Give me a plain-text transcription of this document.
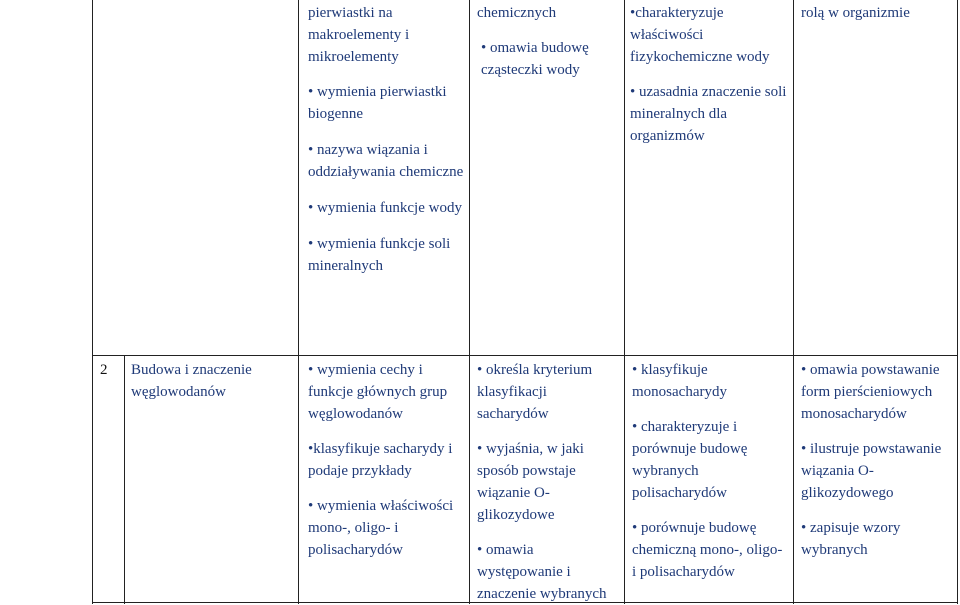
pierwiastki na makroelementy i mikroelementy

• wymienia pierwiastki biogenne

• nazywa wiązania i oddziaływania chemiczne

• wymienia funkcje wody

• wymienia funkcje soli mineralnych

chemicznych

• omawia budowę cząsteczki wody

•charakteryzuje właściwości fizykochemiczne wody

• uzasadnia znaczenie soli mineralnych dla organizmów

rolą w organizmie

2	Budowa i znaczenie węglowodanów

• wymienia cechy i funkcje głównych grup węglowodanów

•klasyfikuje sacharydy i podaje przykłady

• wymienia właściwości mono-, oligo- i polisacharydów

• określa kryterium klasyfikacji sacharydów

• wyjaśnia, w jaki sposób powstaje wiązanie O-glikozydowe

• omawia występowanie i znaczenie wybranych

• klasyfikuje monosacharydy

• charakteryzuje i porównuje budowę wybranych polisacharydów

• porównuje budowę chemiczną mono-, oligo- i polisacharydów

• omawia powstawanie form pierścieniowych monosacharydów

• ilustruje powstawanie wiązania O-glikozydowego

• zapisuje wzory wybranych
